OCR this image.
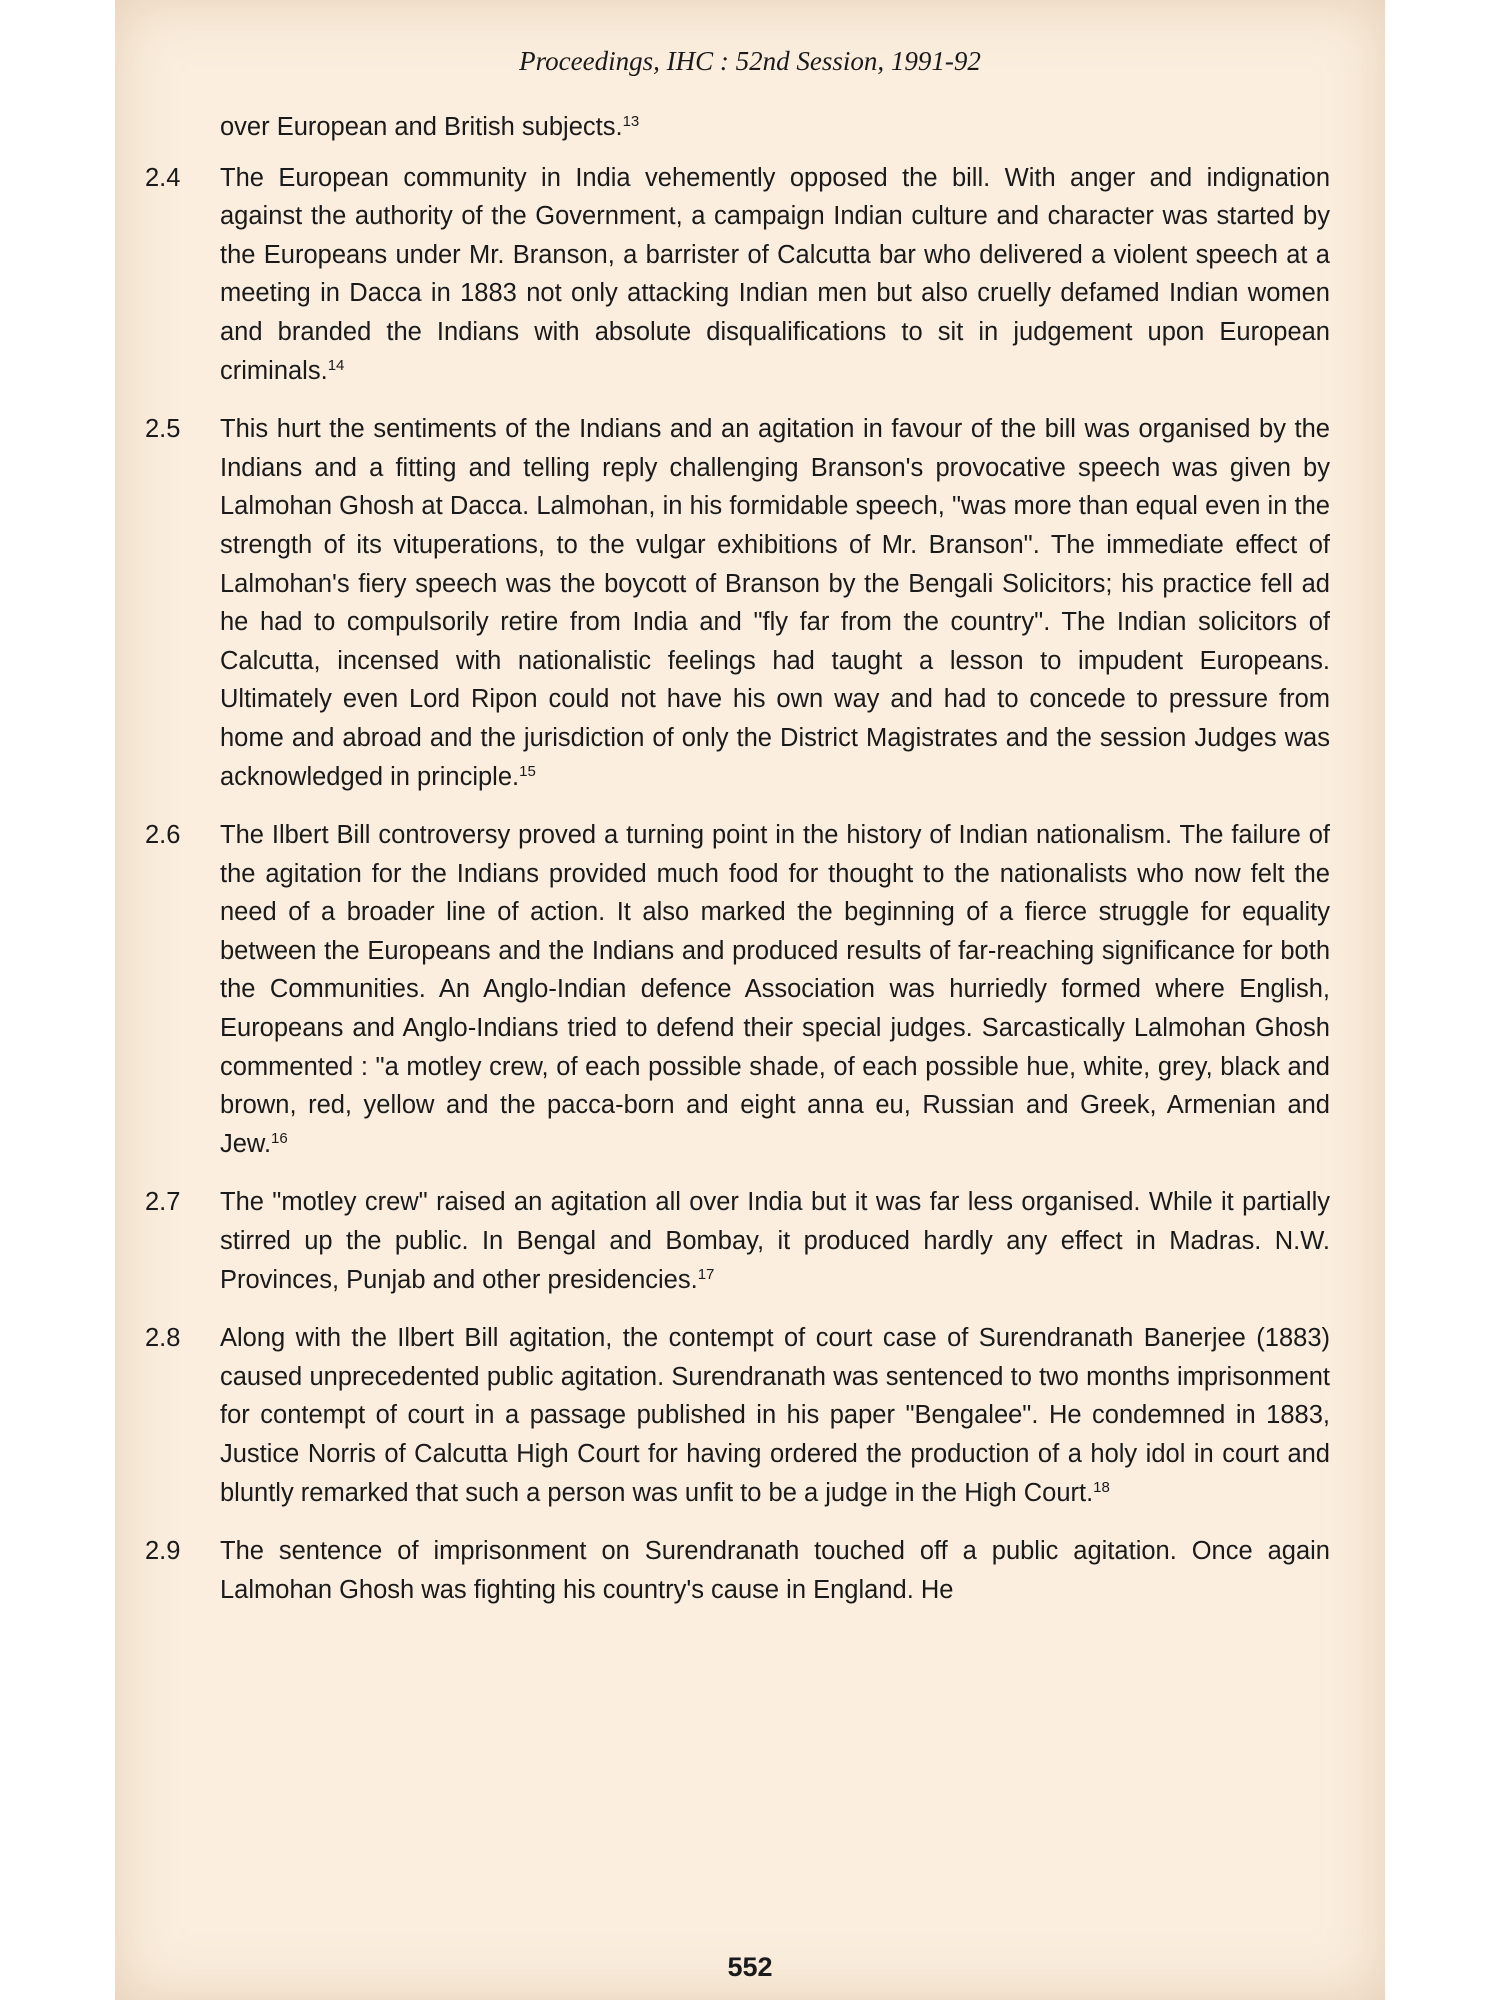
Proceedings, IHC : 52nd Session, 1991-92
over European and British subjects.$^{13}$
2.4 The European community in India vehemently opposed the bill. With anger and indignation against the authority of the Government, a campaign Indian culture and character was started by the Europeans under Mr. Branson, a barrister of Calcutta bar who delivered a violent speech at a meeting in Dacca in 1883 not only attacking Indian men but also cruelly defamed Indian women and branded the Indians with absolute disqualifications to sit in judgement upon European criminals.$^{14}$
2.5 This hurt the sentiments of the Indians and an agitation in favour of the bill was organised by the Indians and a fitting and telling reply challenging Branson's provocative speech was given by Lalmohan Ghosh at Dacca. Lalmohan, in his formidable speech, "was more than equal even in the strength of its vituperations, to the vulgar exhibitions of Mr. Branson". The immediate effect of Lalmohan's fiery speech was the boycott of Branson by the Bengali Solicitors; his practice fell ad he had to compulsorily retire from India and "fly far from the country". The Indian solicitors of Calcutta, incensed with nationalistic feelings had taught a lesson to impudent Europeans. Ultimately even Lord Ripon could not have his own way and had to concede to pressure from home and abroad and the jurisdiction of only the District Magistrates and the session Judges was acknowledged in principle.$^{15}$
2.6 The Ilbert Bill controversy proved a turning point in the history of Indian nationalism. The failure of the agitation for the Indians provided much food for thought to the nationalists who now felt the need of a broader line of action. It also marked the beginning of a fierce struggle for equality between the Europeans and the Indians and produced results of far-reaching significance for both the Communities. An Anglo-Indian defence Association was hurriedly formed where English, Europeans and Anglo-Indians tried to defend their special judges. Sarcastically Lalmohan Ghosh commented : "a motley crew, of each possible shade, of each possible hue, white, grey, black and brown, red, yellow and the pacca-born and eight anna eu, Russian and Greek, Armenian and Jew.$^{16}$
2.7 The "motley crew" raised an agitation all over India but it was far less organised. While it partially stirred up the public. In Bengal and Bombay, it produced hardly any effect in Madras. N.W. Provinces, Punjab and other presidencies.$^{17}$
2.8 Along with the Ilbert Bill agitation, the contempt of court case of Surendranath Banerjee (1883) caused unprecedented public agitation. Surendranath was sentenced to two months imprisonment for contempt of court in a passage published in his paper "Bengalee". He condemned in 1883, Justice Norris of Calcutta High Court for having ordered the production of a holy idol in court and bluntly remarked that such a person was unfit to be a judge in the High Court.$^{18}$
2.9 The sentence of imprisonment on Surendranath touched off a public agitation. Once again Lalmohan Ghosh was fighting his country's cause in England. He
552
